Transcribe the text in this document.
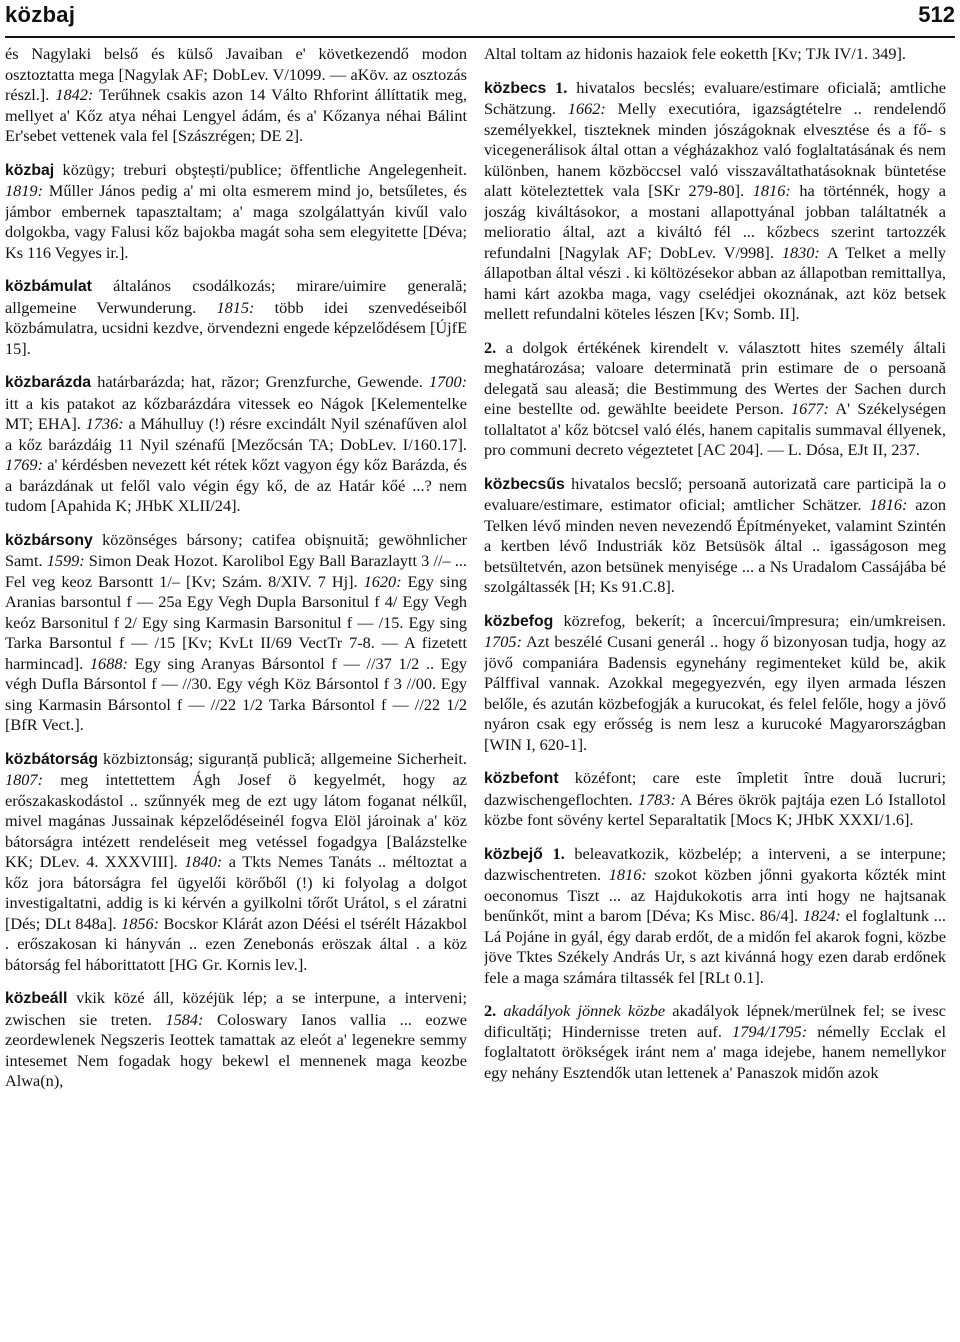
közbaj	512

és Nagylaki belső és külső Javaiban e' következendő modon osztoztatta mega [Nagylak AF; DobLev. V/1099. — aKöv. az osztozás részl.]. 1842: Terűhnek csakis azon 14 Válto Rhforint állíttatik meg, mellyet a' Kőz atya néhai Lengyel ádám, és a' Kőzanya néhai Bálint Er'sebet vettenek vala fel [Szászrégen; DE 2].

közbaj közügy; treburi obştești/publice; öffentliche Angelegenheit. 1819: Műller János pedig a' mi olta esmerem mind jo, betsűletes, és jámbor embernek tapasztaltam; a' maga szolgálattyán kivűl valo dolgokba, vagy Falusi kőz bajokba magát soha sem elegyitette [Déva; Ks 116 Vegyes ir.].

közbámulat általános csodálkozás; mirare/uimire generală; allgemeine Verwunderung. 1815: több idei szenvedéseiből közbámulatra, ucsidni kezdve, örvendezni engede képzelődésem [ÚjfE 15].

közbarázda határbarázda; hat, răzor; Grenzfurche, Gewende. 1700: itt a kis patakot az kőzbarázdára vitessek eo Nágok [Kelementelke MT; EHA]. 1736: a Máhulluy (!) résre excindált Nyil szénafűven alol a kőz barázdáig 11 Nyil szénafű [Mezőcsán TA; DobLev. I/160.17]. 1769: a' kérdésben nevezett két rétek kőzt vagyon égy kőz Barázda, és a barázdának ut felől valo végin égy kő, de az Határ kőé ...? nem tudom [Apahida K; JHbK XLII/24].

közbársony közönséges bársony; catifea obişnuită; gewöhnlicher Samt. 1599: Simon Deak Hozot. Karolibol Egy Ball Barazlaytt 3 //– ... Fel veg keoz Barsontt 1/– [Kv; Szám. 8/XIV. 7 Hj]. 1620: Egy sing Aranias barsontul f — 25a Egy Vegh Dupla Barsonitul f 4/ Egy Vegh keóz Barsonitul f 2/ Egy sing Karmasin Barsonitul f — /15. Egy sing Tarka Barsontul f — /15 [Kv; KvLt II/69 VectTr 7-8. — A fizetett harmincad]. 1688: Egy sing Aranyas Bársontol f — //37 1/2 .. Egy végh Dufla Bársontol f — //30. Egy végh Köz Bársontol f 3 //00. Egy sing Karmasin Bársontol f — //22 1/2 Tarka Bársontol f — //22 1/2 [BfR Vect.].

közbátorság közbiztonság; siguranță publică; allgemeine Sicherheit. 1807: meg intettettem Ágh Josef ö kegyelmét, hogy az erőszakaskodástol .. szűnnyék meg de ezt ugy látom foganat nélkűl, mivel magánas Jussainak képzelődéseinél fogva Elöl jároinak a' köz bátorságra intézett rendeléseit meg vetéssel fogadgya [Balázstelke KK; DLev. 4. XXXVIII]. 1840: a Tkts Nemes Tanáts .. méltoztat a kőz jora bátorságra fel ügyelői körőből (!) ki folyolag a dolgot investigaltatni, addig is ki kérvén a gyilkolni tőrőt Urátol, s el záratni [Dés; DLt 848a]. 1856: Bocskor Klárát azon Déési el tsérélt Házakbol . erőszakosan ki hányván .. ezen Zenebonás eröszak által . a köz bátorság fel háborittatott [HG Gr. Kornis lev.].

közbeáll vkik közé áll, közéjük lép; a se interpune, a interveni; zwischen sie treten. 1584: Coloswary Ianos vallia ... eozwe zeordewlenek Negszeris Ieottek tamattak az eleót a' legenekre semmy intesemet Nem fogadak hogy bekewl el mennenek maga keozbe Alwa(n),

Altal toltam az hidonis hazaiok fele eoketth [Kv; TJk IV/1. 349].

közbecs 1. hivatalos becslés; evaluare/estimare oficială; amtliche Schätzung. 1662: Melly executióra, igazságtételre .. rendelendő személyekkel, tiszteknek minden jószágoknak elvesztése és a fő- s vicegenerálisok által ottan a végházakhoz való foglaltatásának és nem különben, hanem közböccsel való visszaváltathatásoknak büntetése alatt köteleztettek vala [SKr 279-80]. 1816: ha történnék, hogy a joszág kiváltásokor, a mostani allapottyánal jobban találtatnék a melioratio által, azt a kiváltó fél ... kőzbecs szerint tartozzék refundalni [Nagylak AF; DobLev. V/998]. 1830: A Telket a melly állapotban által vészi . ki költözésekor abban az állapotban remittallya, hami kárt azokba maga, vagy cselédjei okoznának, azt köz betsek mellett refundalni köteles lészen [Kv; Somb. II].

2. a dolgok értékének kirendelt v. választott hites személy általi meghatározása; valoare determinată prin estimare de o persoană delegată sau aleasă; die Bestimmung des Wertes der Sachen durch eine bestellte od. gewählte beeidete Person. 1677: A' Székelységen tollaltatot a' kőz bötcsel való élés, hanem capitalis summaval éllyenek, pro communi decreto végeztetet [AC 204]. — L. Dósa, EJt II, 237.

közbecsűs hivatalos becslő; persoană autorizată care participă la o evaluare/estimare, estimator oficial; amtlicher Schätzer. 1816: azon Telken lévő minden neven nevezendő Építményeket, valamint Szintén a kertben lévő Industriák köz Betsüsök által .. igasságoson meg betsültetvén, azon betsünek menyisége ... a Ns Uradalom Cassájába bé szolgáltassék [H; Ks 91.C.8].

közbefog közrefog, bekerít; a încercui/împresura; ein/umkreisen. 1705: Azt beszélé Cusani generál .. hogy ő bizonyosan tudja, hogy az jövő companiára Badensis egynehány regimenteket küld be, akik Pálffival vannak. Azokkal megegyezvén, egy ilyen armada lészen belőle, és azután közbefogják a kurucokat, és felel felőle, hogy a jövő nyáron csak egy erősség is nem lesz a kurucoké Magyarországban [WIN I, 620-1].

közbefont közéfont; care este împletit între două lucruri; dazwischengeflochten. 1783: A Béres ökrök pajtája ezen Ló Istallotol közbe font sövény kertel Separaltatik [Mocs K; JHbK XXXI/1.6].

közbejő 1. beleavatkozik, közbelép; a interveni, a se interpune; dazwischentreten. 1816: szokot közben jőnni gyakorta kőzték mint oeconomus Tiszt ... az Hajdukokotis arra inti hogy ne hajtsanak benűnkőt, mint a barom [Déva; Ks Misc. 86/4]. 1824: el foglaltunk ... Lá Pojáne in gyál, égy darab erdőt, de a midőn fel akarok fogni, közbe jöve Tktes Székely András Ur, s azt kivánná hogy ezen darab erdőnek fele a maga számára tiltassék fel [RLt 0.1].

2. akadályok jönnek közbe akadályok lépnek/merülnek fel; se ivesc dificultăți; Hindernisse treten auf. 1794/1795: némelly Ecclak el foglaltatott örökségek iránt nem a' maga idejebe, hanem nemellykor egy nehány Esztendők utan lettenek a' Panaszok midőn azok
